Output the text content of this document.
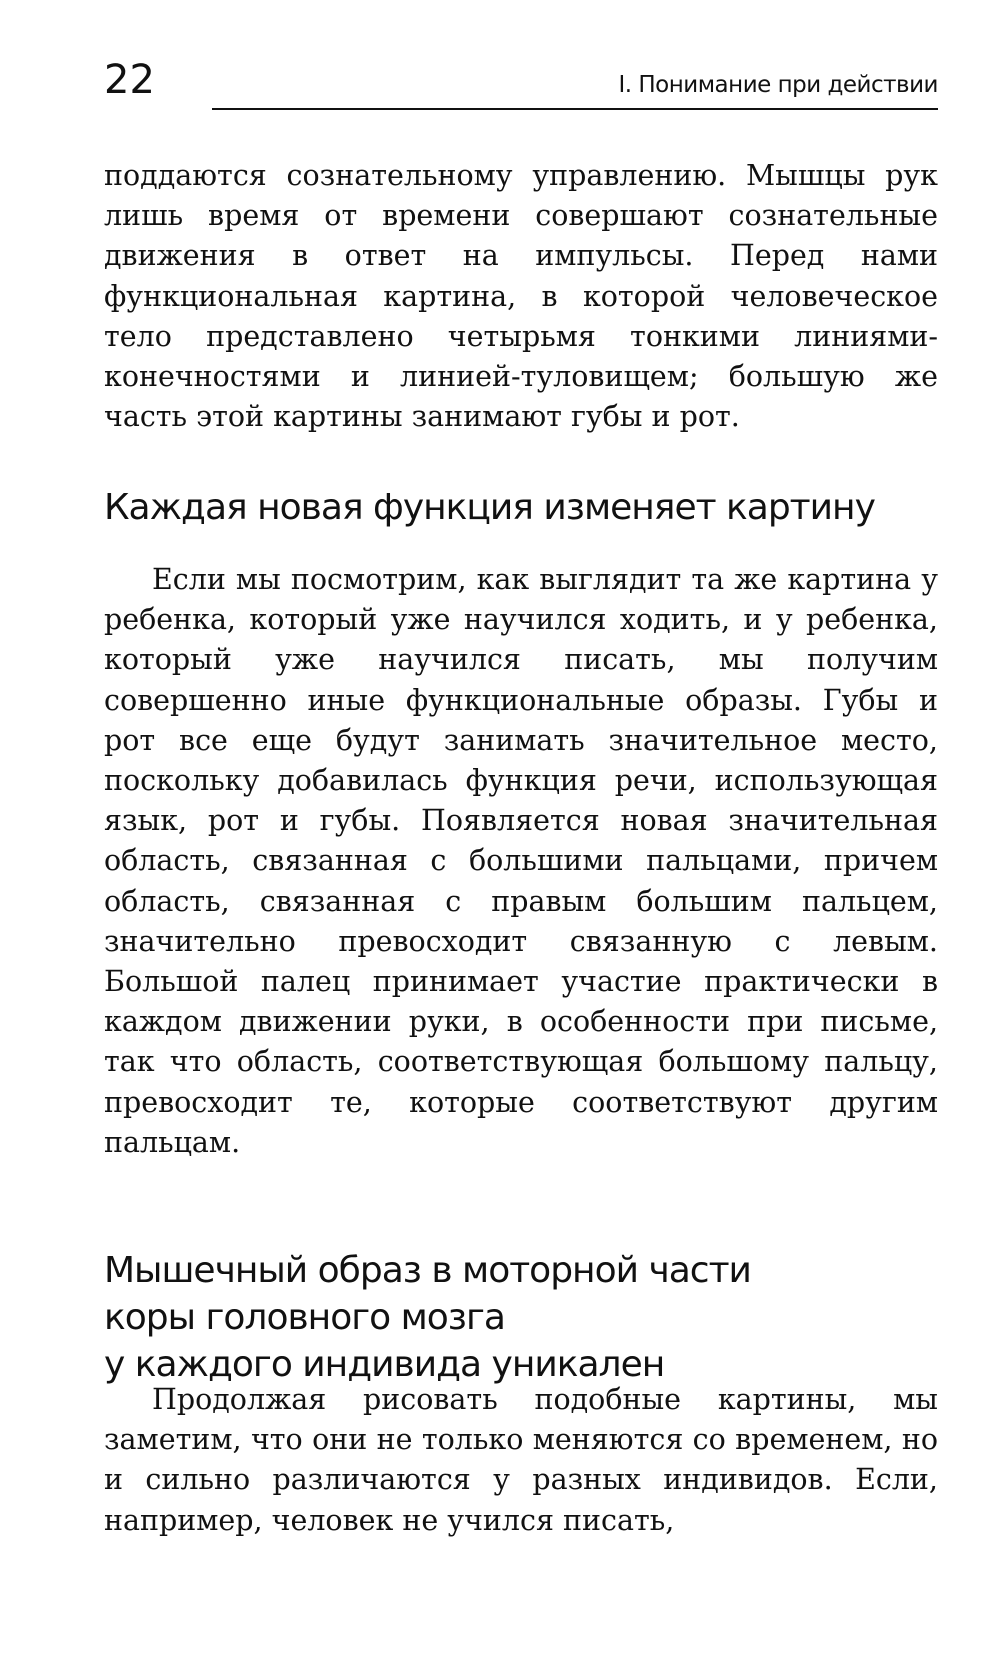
22	I. Понимание при действии

поддаются сознательному управлению. Мышцы рук лишь время от времени совершают сознательные движения в ответ на импульсы. Перед нами функциональная картина, в которой человеческое тело представлено четырьмя тонкими линиями-конечностями и линией-туловищем; большую же часть этой картины занимают губы и рот.

Каждая новая функция изменяет картину

Если мы посмотрим, как выглядит та же картина у ребенка, который уже научился ходить, и у ребенка, который уже научился писать, мы получим совершенно иные функциональные образы. Губы и рот все еще будут занимать значительное место, поскольку добавилась функция речи, использующая язык, рот и губы. Появляется новая значительная область, связанная с большими пальцами, причем область, связанная с правым большим пальцем, значительно превосходит связанную с левым. Большой палец принимает участие практически в каждом движении руки, в особенности при письме, так что область, соответствующая большому пальцу, превосходит те, которые соответствуют другим пальцам.

Мышечный образ в моторной части
коры головного мозга
у каждого индивида уникален

Продолжая рисовать подобные картины, мы заметим, что они не только меняются со временем, но и сильно различаются у разных индивидов. Если, например, человек не учился писать,
